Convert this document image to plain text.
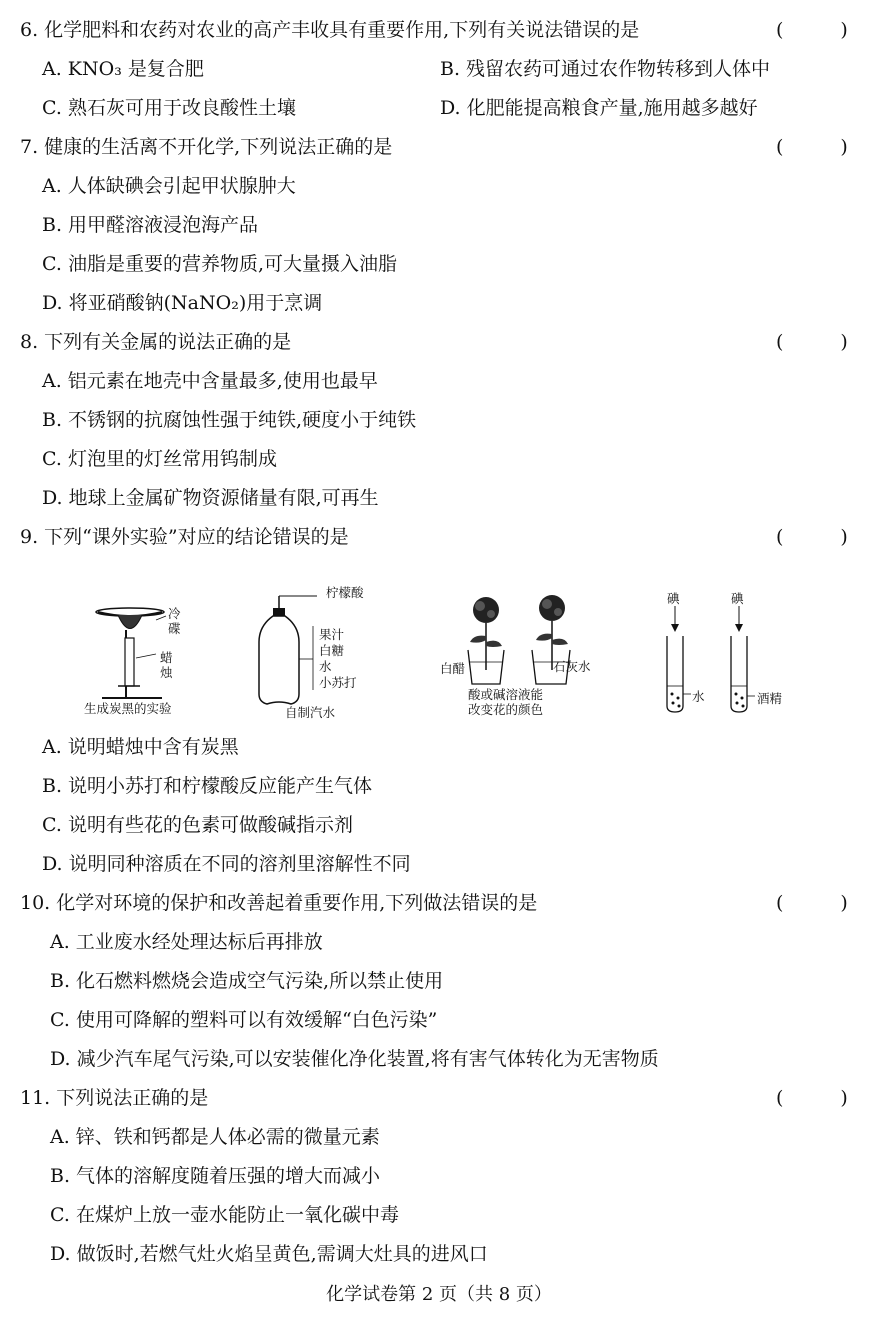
6. 化学肥料和农药对农业的高产丰收具有重要作用,下列有关说法错误的是	(　　　)
A. KNO₃ 是复合肥	B. 残留农药可通过农作物转移到人体中
C. 熟石灰可用于改良酸性土壤	D. 化肥能提高粮食产量,施用越多越好
7. 健康的生活离不开化学,下列说法正确的是	(　　　)
A. 人体缺碘会引起甲状腺肿大
B. 用甲醛溶液浸泡海产品
C. 油脂是重要的营养物质,可大量摄入油脂
D. 将亚硝酸钠(NaNO₂)用于烹调
8. 下列有关金属的说法正确的是	(　　　)
A. 铝元素在地壳中含量最多,使用也最早
B. 不锈钢的抗腐蚀性强于纯铁,硬度小于纯铁
C. 灯泡里的灯丝常用钨制成
D. 地球上金属矿物资源储量有限,可再生
9. 下列“课外实验”对应的结论错误的是	(　　　)
冷
碟
蜡
烛
生成炭黑的实验
柠檬酸
果汁
白糖
水
小苏打
自制汽水
白醋	石灰水
酸或碱溶液能
改变花的颜色
碘	碘
水	酒精
A. 说明蜡烛中含有炭黑
B. 说明小苏打和柠檬酸反应能产生气体
C. 说明有些花的色素可做酸碱指示剂
D. 说明同种溶质在不同的溶剂里溶解性不同
10. 化学对环境的保护和改善起着重要作用,下列做法错误的是	(　　　)
A. 工业废水经处理达标后再排放
B. 化石燃料燃烧会造成空气污染,所以禁止使用
C. 使用可降解的塑料可以有效缓解“白色污染”
D. 减少汽车尾气污染,可以安装催化净化装置,将有害气体转化为无害物质
11. 下列说法正确的是	(　　　)
A. 锌、铁和钙都是人体必需的微量元素
B. 气体的溶解度随着压强的增大而减小
C. 在煤炉上放一壶水能防止一氧化碳中毒
D. 做饭时,若燃气灶火焰呈黄色,需调大灶具的进风口
化学试卷第 2 页（共 8 页）
